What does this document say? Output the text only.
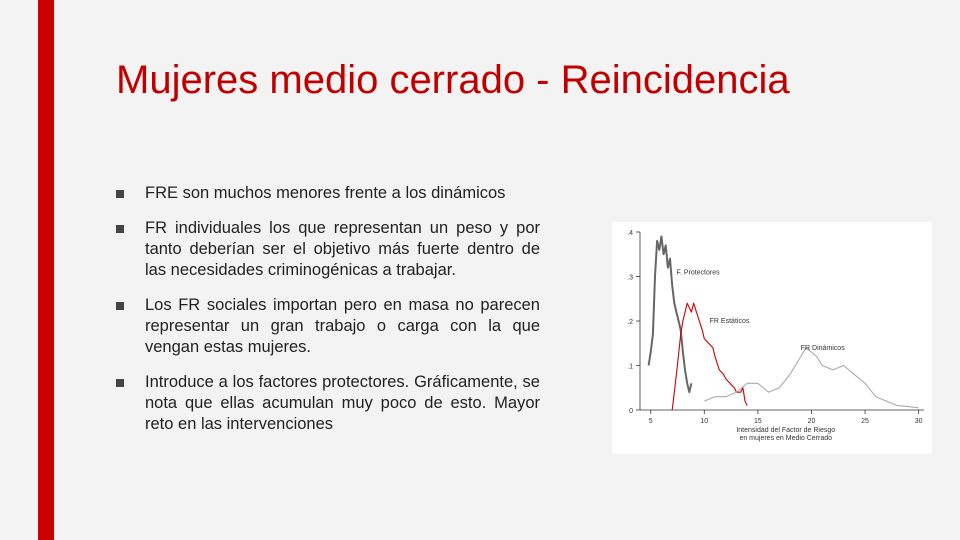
Mujeres medio cerrado - Reincidencia
FRE son muchos menores frente a los dinámicos
FR individuales los que representan un peso y por tanto deberían ser el objetivo más fuerte dentro de las necesidades criminogénicas a trabajar.
Los FR sociales importan pero en masa no parecen representar un gran trabajo o carga con la que vengan estas mujeres.
Introduce a los factores protectores. Gráficamente, se nota que ellas acumulan muy poco de esto. Mayor reto en las intervenciones
0
.1
.2
.3
.4
5	10	15	20	25	30
Intensidad del Factor de Riesgo
en mujeres en Medio Cerrado
F. Protectores
FR Estáticos
FR Dinámicos
